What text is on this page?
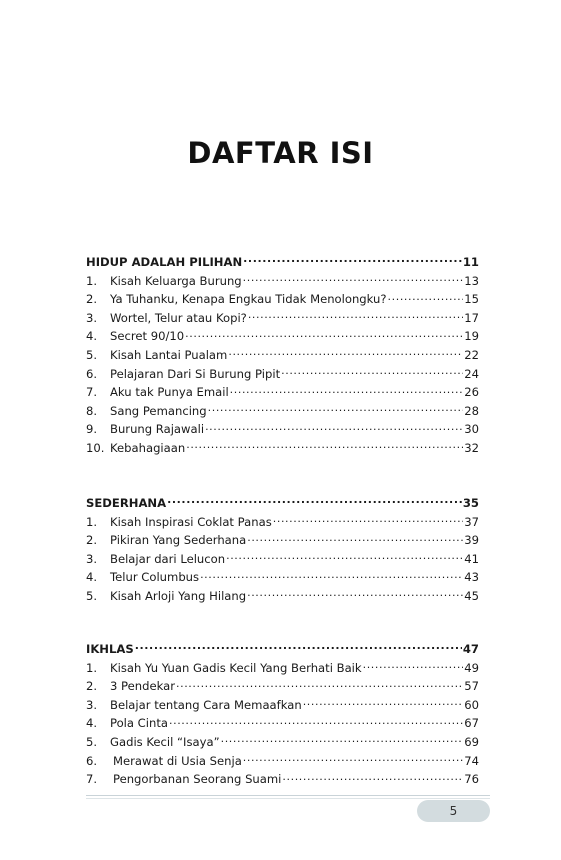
DAFTAR ISI
HIDUP ADALAH PILIHAN .....	11
1.	Kisah Keluarga Burung .....	13
2.	Ya Tuhanku, Kenapa Engkau Tidak Menolongku? .....	15
3.	Wortel, Telur atau Kopi? .....	17
4.	Secret 90/10 .....	19
5.	Kisah Lantai Pualam .....	22
6.	Pelajaran Dari Si Burung Pipit .....	24
7.	Aku tak Punya Email .....	26
8.	Sang Pemancing .....	28
9.	Burung Rajawali .....	30
10. Kebahagiaan .....	32
SEDERHANA .....	35
1.	Kisah Inspirasi Coklat Panas .....	37
2.	Pikiran Yang Sederhana .....	39
3.	Belajar dari Lelucon .....	41
4.	Telur Columbus .....	43
5.	Kisah Arloji Yang Hilang .....	45
IKHLAS .....	47
1.	Kisah Yu Yuan Gadis Kecil Yang Berhati Baik .....	49
2.	3 Pendekar .....	57
3.	Belajar tentang Cara Memaafkan .....	60
4.	Pola Cinta .....	67
5.	Gadis Kecil “Isaya” .....	69
6.	Merawat di Usia Senja .....	74
7.	Pengorbanan Seorang Suami .....	76
5
